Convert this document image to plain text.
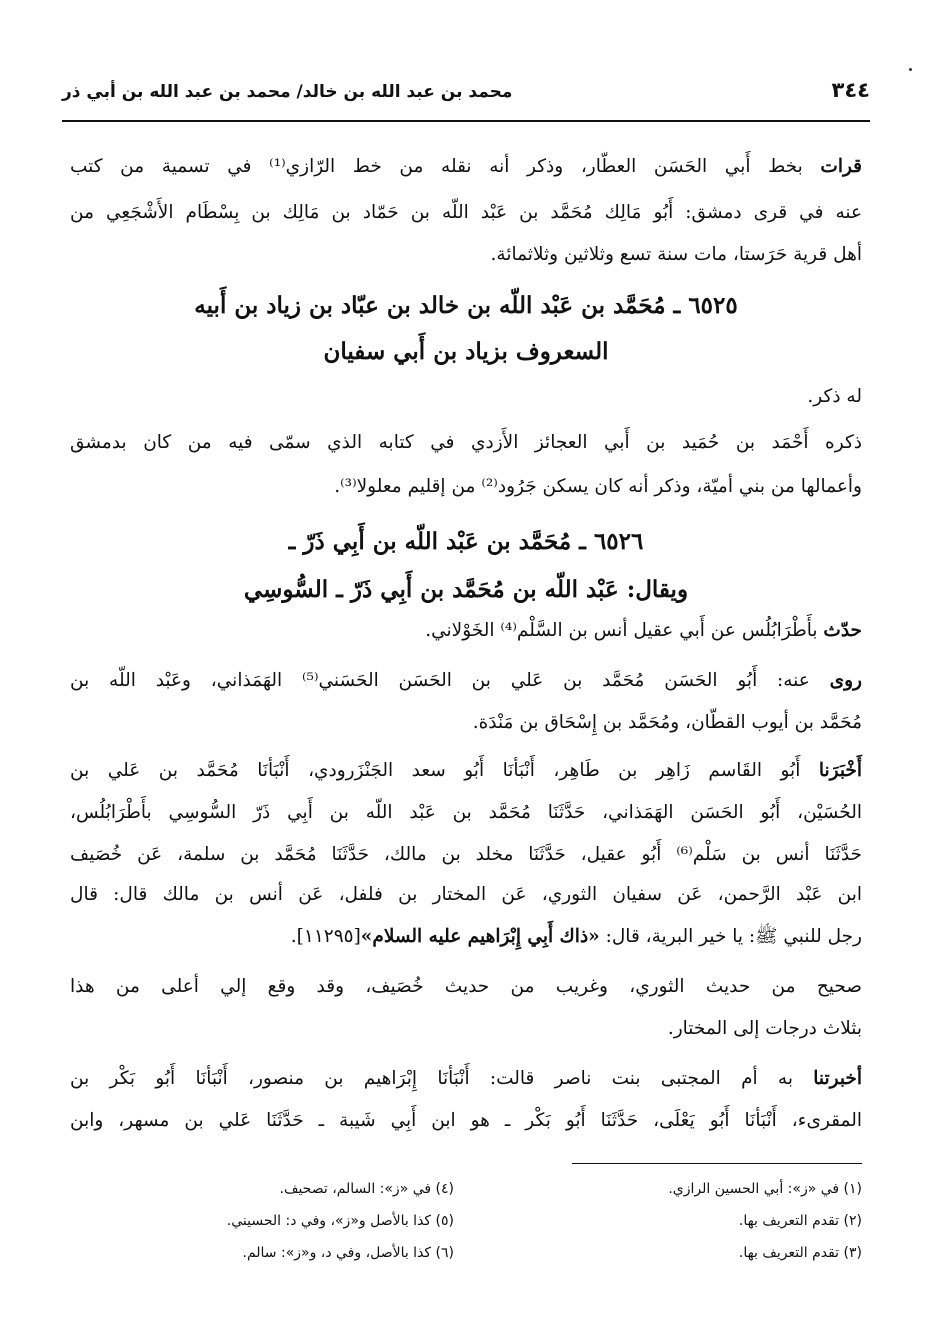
٣٤٤
محمد بن عبد الله بن خالد/ محمد بن عبد الله بن أبي ذر
قرات بخط أَبي الحَسَن العطّار، وذكر أنه نقله من خط الرّازي⁽¹⁾ في تسمية من كتب
عنه في قرى دمشق: أَبُو مَالِك مُحَمَّد بن عَبْد اللّه بن حَمّاد بن مَالِك بن بِسْطَام الأَشْجَعِي من
أهل قرية حَرَستا، مات سنة تسع وثلاثين وثلاثمائة.
٦٥٢٥ ـ مُحَمَّد بن عَبْد اللّه بن خالد بن عبّاد بن زياد بن أَبيه
السعروف بزياد بن أَبي سفيان
له ذكر.
ذكره أَحْمَد بن حُمَيد بن أَبي العجائز الأَزدي في كتابه الذي سمّى فيه من كان بدمشق
وأعمالها من بني أميّة، وذكر أنه كان يسكن جَرُود⁽²⁾ من إقليم معلولا⁽³⁾.
٦٥٢٦ ـ مُحَمَّد بن عَبْد اللّه بن أَبِي ذَرّ ـ
ويقال: عَبْد اللّه بن مُحَمَّد بن أَبِي ذَرّ ـ السُّوسِي
حدّث بأَطْرَابُلُس عن أَبي عقيل أنس بن السَّلْم⁽⁴⁾ الخَوْلاني.
روى عنه: أَبُو الحَسَن مُحَمَّد بن عَلي بن الحَسَن الحَسَني⁽⁵⁾ الهَمَذاني، وعَبْد اللّه بن
مُحَمَّد بن أيوب القطّان، ومُحَمَّد بن إِسْحَاق بن مَنْدَة.
أَخْبَرَنا أَبُو القَاسم زَاهِر بن طَاهِر، أَنْبَأنَا أَبُو سعد الجَنْزَرودي، أَنْبَأنَا مُحَمَّد بن عَلي بن
الحُسَيْن، أَبُو الحَسَن الهَمَذاني، حَدَّثَنَا مُحَمَّد بن عَبْد اللّه بن أَبِي ذَرّ السُّوسِي بأَطْرَابُلُس،
حَدَّثَنَا أنس بن سَلْم⁽⁶⁾ أَبُو عقيل، حَدَّثَنَا مخلد بن مالك، حَدَّثَنَا مُحَمَّد بن سلمة، عَن خُصَيف
ابن عَبْد الرَّحمن، عَن سفيان الثوري، عَن المختار بن فلفل، عَن أنس بن مالك قال: قال
رجل للنبي ﷺ: يا خير البرية، قال: «ذاك أَبِي إِبْرَاهيم عليه السلام»[١١٢٩٥].
صحيح من حديث الثوري، وغريب من حديث خُصَيف، وقد وقع إلي أعلى من هذا
بثلاث درجات إلى المختار.
أخبرتنا به أم المجتبى بنت ناصر قالت: أَنْبَأنَا إِبْرَاهيم بن منصور، أَنْبَأنَا أَبُو بَكْر بن
المقرىء، أَنْبَأنَا أَبُو يَعْلَى، حَدَّثَنَا أَبُو بَكْر ـ هو ابن أَبِي شَيبة ـ حَدَّثَنَا عَلي بن مسهر، وابن
(١) في «ز»: أبي الحسين الرازي.
(٢) تقدم التعريف بها.
(٣) تقدم التعريف بها.
(٤) في «ز»: السالم، تصحيف.
(٥) كذا بالأصل و«ز»، وفي د: الحسيني.
(٦) كذا بالأصل، وفي د، و«ز»: سالم.
